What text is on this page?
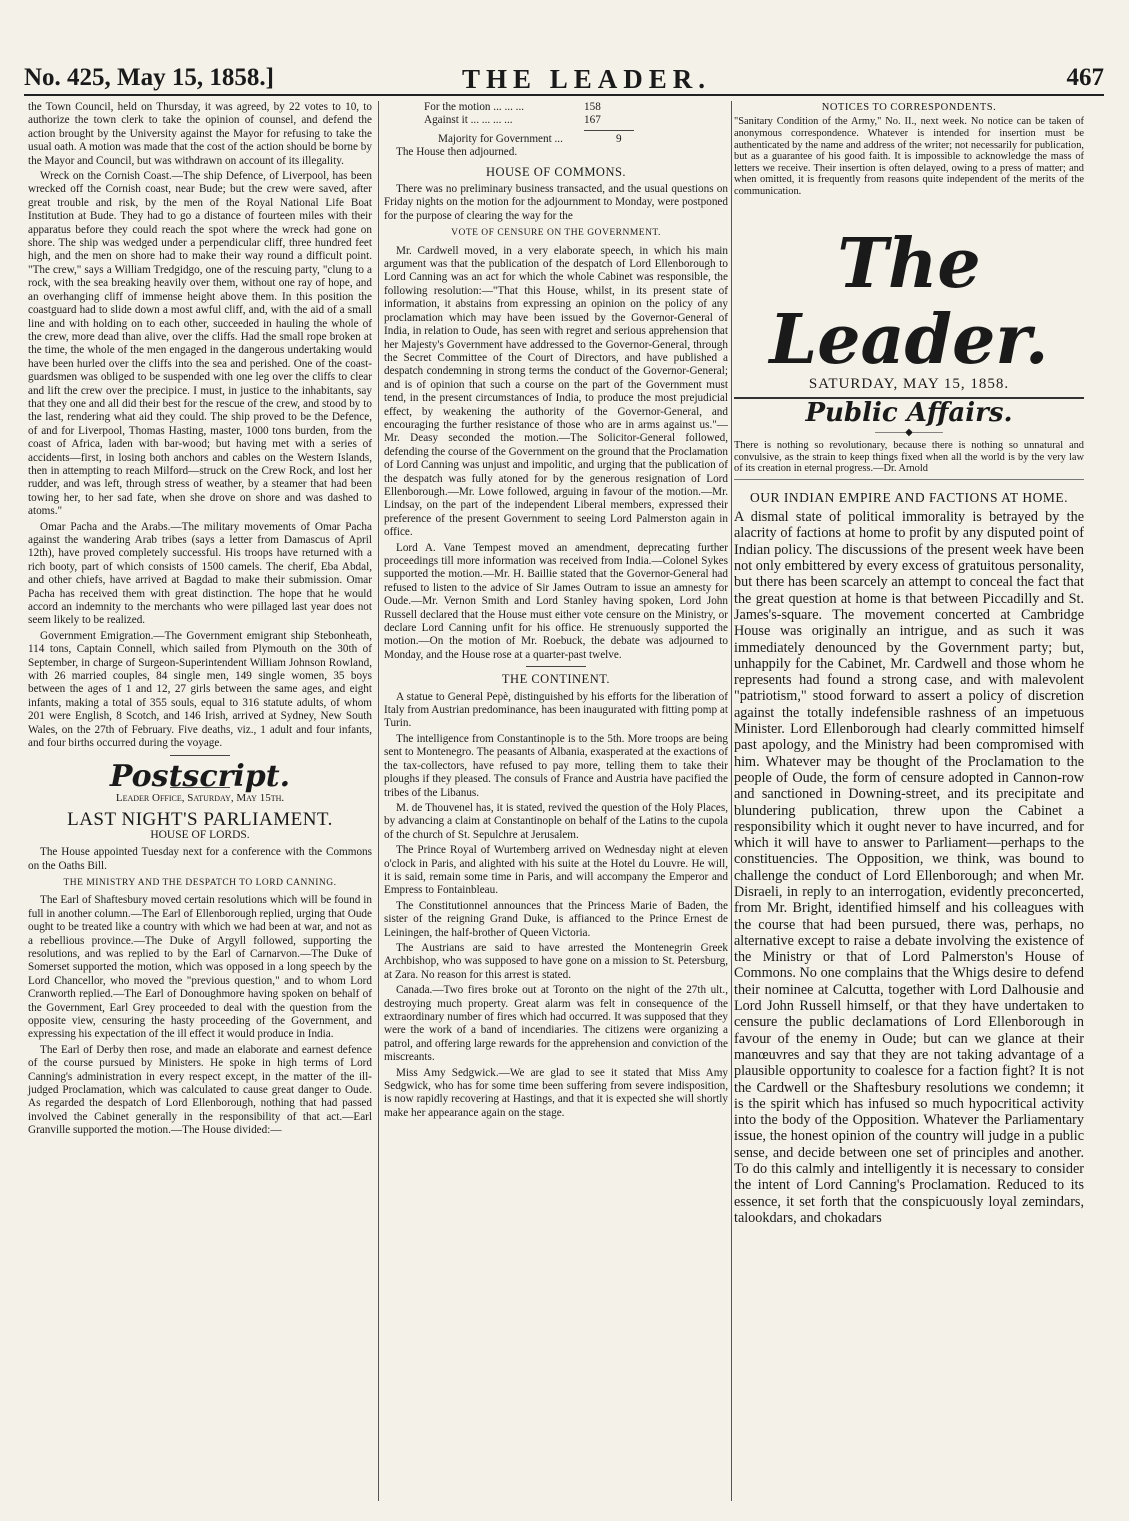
No. 425, May 15, 1858.]	THE LEADER.	467

the Town Council, held on Thursday, it was agreed, by 22 votes to 10, to authorize the town clerk to take the opinion of counsel, and defend the action brought by the University against the Mayor for refusing to take the usual oath. A motion was made that the cost of the action should be borne by the Mayor and Council, but was withdrawn on account of its illegality.

Wreck on the Cornish Coast.—The ship Defence, of Liverpool, has been wrecked off the Cornish coast, near Bude; but the crew were saved, after great trouble and risk, by the men of the Royal National Life Boat Institution at Bude. They had to go a distance of fourteen miles with their apparatus before they could reach the spot where the wreck had gone on shore. The ship was wedged under a perpendicular cliff, three hundred feet high, and the men on shore had to make their way round a difficult point. "The crew," says a William Tredgidgo, one of the rescuing party, "clung to a rock, with the sea breaking heavily over them, without one ray of hope, and an overhanging cliff of immense height above them. In this position the coastguard had to slide down a most awful cliff, and, with the aid of a small line and with holding on to each other, succeeded in hauling the whole of the crew, more dead than alive, over the cliffs. Had the small rope broken at the time, the whole of the men engaged in the dangerous undertaking would have been hurled over the cliffs into the sea and perished. One of the coast-guardsmen was obliged to be suspended with one leg over the cliffs to clear and lift the crew over the precipice. I must, in justice to the inhabitants, say that they one and all did their best for the rescue of the crew, and stood by to the last, rendering what aid they could. The ship proved to be the Defence, of and for Liverpool, Thomas Hasting, master, 1000 tons burden, from the coast of Africa, laden with bar-wood; but having met with a series of accidents—first, in losing both anchors and cables on the Western Islands, then in attempting to reach Milford—struck on the Crew Rock, and lost her rudder, and was left, through stress of weather, by a steamer that had been towing her, to her sad fate, when she drove on shore and was dashed to atoms."

Omar Pacha and the Arabs.—The military movements of Omar Pacha against the wandering Arab tribes (says a letter from Damascus of April 12th), have proved completely successful. His troops have returned with a rich booty, part of which consists of 1500 camels. The cherif, Eba Abdal, and other chiefs, have arrived at Bagdad to make their submission. Omar Pacha has received them with great distinction. The hope that he would accord an indemnity to the merchants who were pillaged last year does not seem likely to be realized.

Government Emigration.—The Government emigrant ship Stebonheath, 114 tons, Captain Connell, which sailed from Plymouth on the 30th of September, in charge of Surgeon-Superintendent William Johnson Rowland, with 26 married couples, 84 single men, 149 single women, 35 boys between the ages of 1 and 12, 27 girls between the same ages, and eight infants, making a total of 355 souls, equal to 316 statute adults, of whom 201 were English, 8 Scotch, and 146 Irish, arrived at Sydney, New South Wales, on the 27th of February. Five deaths, viz., 1 adult and four infants, and four births occurred during the voyage.

Postscript.
Leader Office, Saturday, May 15th.
LAST NIGHT'S PARLIAMENT.
HOUSE OF LORDS.

The House appointed Tuesday next for a conference with the Commons on the Oaths Bill.

THE MINISTRY AND THE DESPATCH TO LORD CANNING.

The Earl of Shaftesbury moved certain resolutions which will be found in full in another column.—The Earl of Ellenborough replied, urging that Oude ought to be treated like a country with which we had been at war, and not as a rebellious province.—The Duke of Argyll followed, supporting the resolutions, and was replied to by the Earl of Carnarvon.—The Duke of Somerset supported the motion, which was opposed in a long speech by the Lord Chancellor, who moved the "previous question," and to whom Lord Cranworth replied.—The Earl of Donoughmore having spoken on behalf of the Government, Earl Grey proceeded to deal with the question from the opposite view, censuring the hasty proceeding of the Government, and expressing his expectation of the ill effect it would produce in India.

The Earl of Derby then rose, and made an elaborate and earnest defence of the course pursued by Ministers. He spoke in high terms of Lord Canning's administration in every respect except, in the matter of the ill-judged Proclamation, which was calculated to cause great danger to Oude. As regarded the despatch of Lord Ellenborough, nothing that had passed involved the Cabinet generally in the responsibility of that act.—Earl Granville supported the motion.—The House divided:—

For the motion ... ... ...	158
Against it ... ... ... ...	167
Majority for Government ...	9

The House then adjourned.

HOUSE OF COMMONS.

There was no preliminary business transacted, and the usual questions on Friday nights on the motion for the adjournment to Monday, were postponed for the purpose of clearing the way for the

VOTE OF CENSURE ON THE GOVERNMENT.

Mr. Cardwell moved, in a very elaborate speech, in which his main argument was that the publication of the despatch of Lord Ellenborough to Lord Canning was an act for which the whole Cabinet was responsible, the following resolution:—"That this House, whilst, in its present state of information, it abstains from expressing an opinion on the policy of any proclamation which may have been issued by the Governor-General of India, in relation to Oude, has seen with regret and serious apprehension that her Majesty's Government have addressed to the Governor-General, through the Secret Committee of the Court of Directors, and have published a despatch condemning in strong terms the conduct of the Governor-General; and is of opinion that such a course on the part of the Government must tend, in the present circumstances of India, to produce the most prejudicial effect, by weakening the authority of the Governor-General, and encouraging the further resistance of those who are in arms against us."—Mr. Deasy seconded the motion.—The Solicitor-General followed, defending the course of the Government on the ground that the Proclamation of Lord Canning was unjust and impolitic, and urging that the publication of the despatch was fully atoned for by the generous resignation of Lord Ellenborough.—Mr. Lowe followed, arguing in favour of the motion.—Mr. Lindsay, on the part of the independent Liberal members, expressed their preference of the present Government to seeing Lord Palmerston again in office.

Lord A. Vane Tempest moved an amendment, deprecating further proceedings till more information was received from India.—Colonel Sykes supported the motion.—Mr. H. Baillie stated that the Governor-General had refused to listen to the advice of Sir James Outram to issue an amnesty for Oude.—Mr. Vernon Smith and Lord Stanley having spoken, Lord John Russell declared that the House must either vote censure on the Ministry, or declare Lord Canning unfit for his office. He strenuously supported the motion.—On the motion of Mr. Roebuck, the debate was adjourned to Monday, and the House rose at a quarter-past twelve.

THE CONTINENT.

A statue to General Pepè, distinguished by his efforts for the liberation of Italy from Austrian predominance, has been inaugurated with fitting pomp at Turin.

The intelligence from Constantinople is to the 5th. More troops are being sent to Montenegro. The peasants of Albania, exasperated at the exactions of the tax-collectors, have refused to pay more, telling them to take their ploughs if they pleased. The consuls of France and Austria have pacified the tribes of the Libanus.

M. de Thouvenel has, it is stated, revived the question of the Holy Places, by advancing a claim at Constantinople on behalf of the Latins to the cupola of the church of St. Sepulchre at Jerusalem.

The Prince Royal of Wurtemberg arrived on Wednesday night at eleven o'clock in Paris, and alighted with his suite at the Hotel du Louvre. He will, it is said, remain some time in Paris, and will accompany the Emperor and Empress to Fontainbleau.

The Constitutionnel announces that the Princess Marie of Baden, the sister of the reigning Grand Duke, is affianced to the Prince Ernest de Leiningen, the half-brother of Queen Victoria.

The Austrians are said to have arrested the Montenegrin Greek Archbishop, who was supposed to have gone on a mission to St. Petersburg, at Zara. No reason for this arrest is stated.

Canada.—Two fires broke out at Toronto on the night of the 27th ult., destroying much property. Great alarm was felt in consequence of the extraordinary number of fires which had occurred. It was supposed that they were the work of a band of incendiaries. The citizens were organizing a patrol, and offering large rewards for the apprehension and conviction of the miscreants.

Miss Amy Sedgwick.—We are glad to see it stated that Miss Amy Sedgwick, who has for some time been suffering from severe indisposition, is now rapidly recovering at Hastings, and that it is expected she will shortly make her appearance again on the stage.

NOTICES TO CORRESPONDENTS.
"Sanitary Condition of the Army," No. II., next week. No notice can be taken of anonymous correspondence. Whatever is intended for insertion must be authenticated by the name and address of the writer; not necessarily for publication, but as a guarantee of his good faith. It is impossible to acknowledge the mass of letters we receive. Their insertion is often delayed, owing to a press of matter; and when omitted, it is frequently from reasons quite independent of the merits of the communication.
The Leader.
SATURDAY, MAY 15, 1858.
Public Affairs.
———◆———
There is nothing so revolutionary, because there is nothing so unnatural and convulsive, as the strain to keep things fixed when all the world is by the very law of its creation in eternal progress.—Dr. Arnold
OUR INDIAN EMPIRE AND FACTIONS AT HOME.

A dismal state of political immorality is betrayed by the alacrity of factions at home to profit by any disputed point of Indian policy. The discussions of the present week have been not only embittered by every excess of gratuitous personality, but there has been scarcely an attempt to conceal the fact that the great question at home is that between Piccadilly and St. James's-square. The movement concerted at Cambridge House was originally an intrigue, and as such it was immediately denounced by the Government party; but, unhappily for the Cabinet, Mr. Cardwell and those whom he represents had found a strong case, and with malevolent "patriotism," stood forward to assert a policy of discretion against the totally indefensible rashness of an impetuous Minister. Lord Ellenborough had clearly committed himself past apology, and the Ministry had been compromised with him. Whatever may be thought of the Proclamation to the people of Oude, the form of censure adopted in Cannon-row and sanctioned in Downing-street, and its precipitate and blundering publication, threw upon the Cabinet a responsibility which it ought never to have incurred, and for which it will have to answer to Parliament—perhaps to the constituencies. The Opposition, we think, was bound to challenge the conduct of Lord Ellenborough; and when Mr. Disraeli, in reply to an interrogation, evidently preconcerted, from Mr. Bright, identified himself and his colleagues with the course that had been pursued, there was, perhaps, no alternative except to raise a debate involving the existence of the Ministry or that of Lord Palmerston's House of Commons. No one complains that the Whigs desire to defend their nominee at Calcutta, together with Lord Dalhousie and Lord John Russell himself, or that they have undertaken to censure the public declamations of Lord Ellenborough in favour of the enemy in Oude; but can we glance at their manœuvres and say that they are not taking advantage of a plausible opportunity to coalesce for a faction fight? It is not the Cardwell or the Shaftesbury resolutions we condemn; it is the spirit which has infused so much hypocritical activity into the body of the Opposition. Whatever the Parliamentary issue, the honest opinion of the country will judge in a public sense, and decide between one set of principles and another. To do this calmly and intelligently it is necessary to consider the intent of Lord Canning's Proclamation. Reduced to its essence, it set forth that the conspicuously loyal zemindars, talookdars, and chokadars
